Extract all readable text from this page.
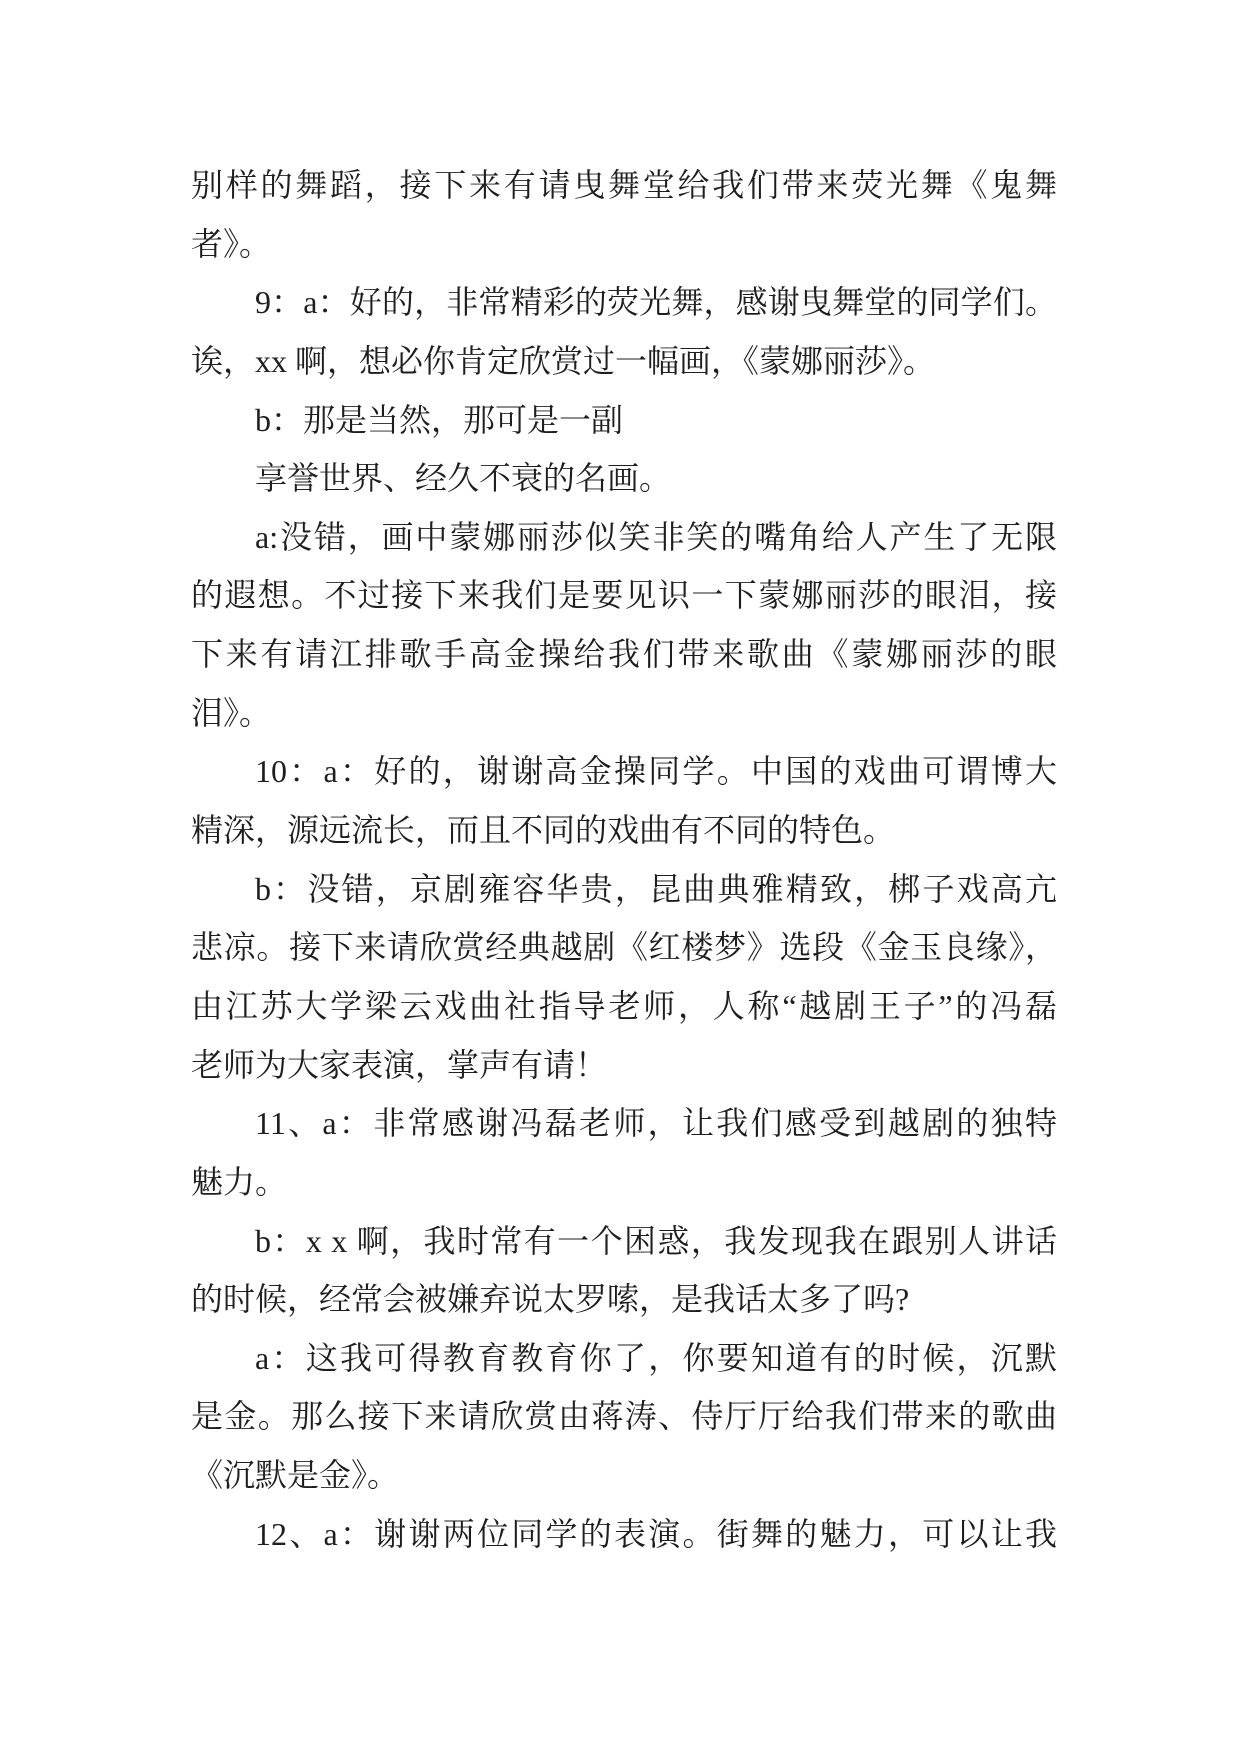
别样的舞蹈，接下来有请曳舞堂给我们带来荧光舞《鬼舞
者》。
9：a：好的，非常精彩的荧光舞，感谢曳舞堂的同学们。
诶，xx 啊，想必你肯定欣赏过一幅画，《蒙娜丽莎》。
b：那是当然，那可是一副
享誉世界、经久不衰的名画。
a:没错，画中蒙娜丽莎似笑非笑的嘴角给人产生了无限
的遐想。不过接下来我们是要见识一下蒙娜丽莎的眼泪，接
下来有请江排歌手高金操给我们带来歌曲《蒙娜丽莎的眼
泪》。
10：a：好的，谢谢高金操同学。中国的戏曲可谓博大
精深，源远流长，而且不同的戏曲有不同的特色。
b：没错，京剧雍容华贵，昆曲典雅精致，梆子戏高亢
悲凉。接下来请欣赏经典越剧《红楼梦》选段《金玉良缘》，
由江苏大学梁云戏曲社指导老师，人称“越剧王子”的冯磊
老师为大家表演，掌声有请！
11、a：非常感谢冯磊老师，让我们感受到越剧的独特
魅力。
b：x x 啊，我时常有一个困惑，我发现我在跟别人讲话
的时候，经常会被嫌弃说太罗嗦，是我话太多了吗?
a：这我可得教育教育你了，你要知道有的时候，沉默
是金。那么接下来请欣赏由蒋涛、侍厅厅给我们带来的歌曲
《沉默是金》。
12、a：谢谢两位同学的表演。街舞的魅力，可以让我
